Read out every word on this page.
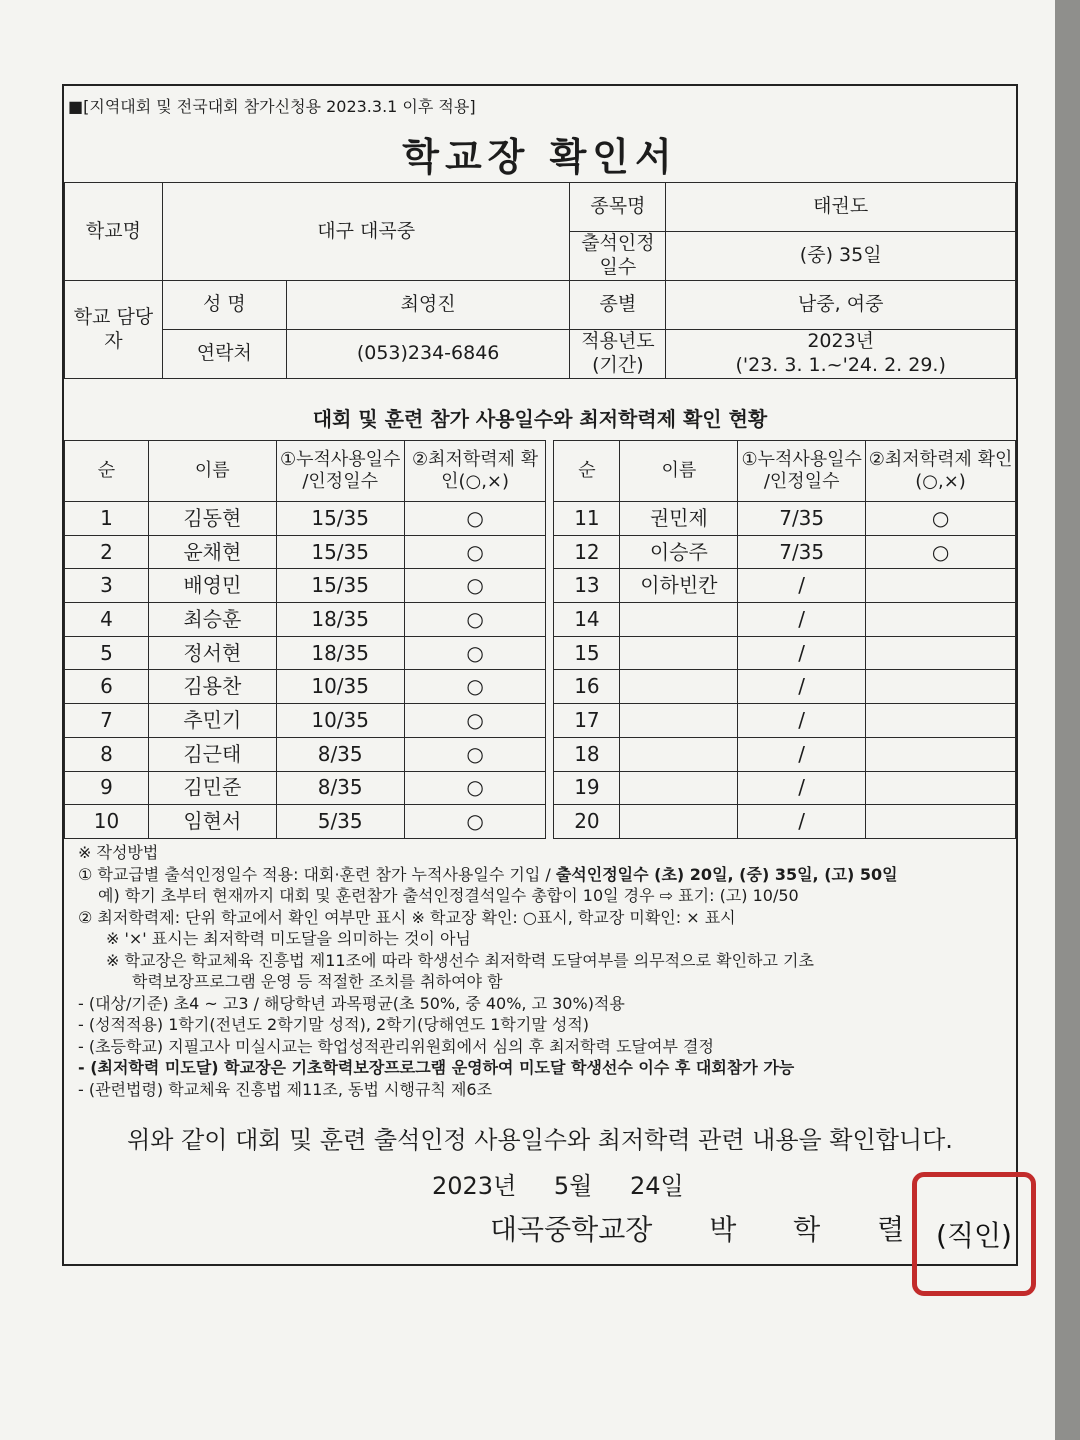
■[지역대회 및 전국대회 참가신청용 2023.3.1 이후 적용]
학교장 확인서
학교명	대구 대곡중		종목명	태권도
			출석인정 일수	(중) 35일
학교 담당자	성 명	최영진	종별	남중, 여중
	연락처	(053)234-6846	적용년도 (기간)	2023년
('23. 3. 1.~'24. 2. 29.)
대회 및 훈련 참가 사용일수와 최저학력제 확인 현황
순	이름	①누적사용일수 /인정일수	②최저학력제 확인(○,×)		순	이름	①누적사용일수 /인정일수	②최저학력제 확인(○,×)
1	김동현	15/35	○		11	권민제	7/35	○
2	윤채현	15/35	○		12	이승주	7/35	○
3	배영민	15/35	○		13	이하빈칸	/	
4	최승훈	18/35	○		14		/	
5	정서현	18/35	○		15		/	
6	김용찬	10/35	○		16		/	
7	추민기	10/35	○		17		/	
8	김근태	8/35	○		18		/	
9	김민준	8/35	○		19		/	
10	임현서	5/35	○		20		/	
※ 작성방법
① 학교급별 출석인정일수 적용: 대회·훈련 참가 누적사용일수 기입 / 출석인정일수 (초) 20일, (중) 35일, (고) 50일
예) 학기 초부터 현재까지 대회 및 훈련참가 출석인정결석일수 총합이 10일 경우 ⇨ 표기: (고) 10/50
② 최저학력제: 단위 학교에서 확인 여부만 표시 ※ 학교장 확인: ○표시, 학교장 미확인: × 표시
※ '×' 표시는 최저학력 미도달을 의미하는 것이 아님
※ 학교장은 학교체육 진흥법 제11조에 따라 학생선수 최저학력 도달여부를 의무적으로 확인하고 기초
학력보장프로그램 운영 등 적절한 조치를 취하여야 함
- (대상/기준) 초4 ~ 고3 / 해당학년 과목평균(초 50%, 중 40%, 고 30%)적용
- (성적적용) 1학기(전년도 2학기말 성적), 2학기(당해연도 1학기말 성적)
- (초등학교) 지필고사 미실시교는 학업성적관리위원회에서 심의 후 최저학력 도달여부 결정
- (최저학력 미도달) 학교장은 기초학력보장프로그램 운영하여 미도달 학생선수 이수 후 대회참가 가능
- (관련법령) 학교체육 진흥법 제11조, 동법 시행규칙 제6조
위와 같이 대회 및 훈련 출석인정 사용일수와 최저학력 관련 내용을 확인합니다.
2023년 5월 24일
대곡중학교장 박 학 렬 (직인)
